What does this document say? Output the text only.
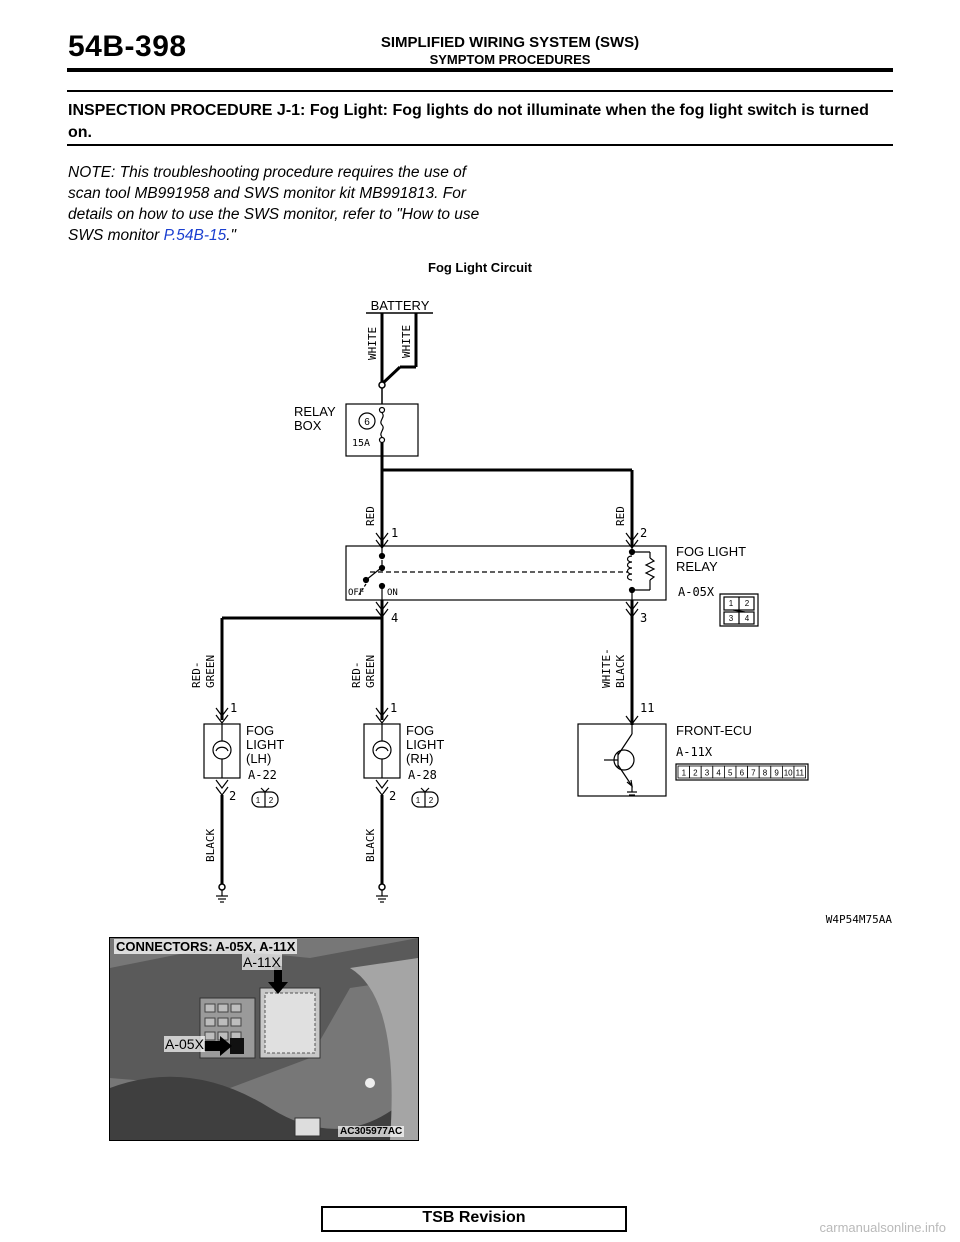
54B-398	SIMPLIFIED WIRING SYSTEM (SWS)
SYMPTOM PROCEDURES
INSPECTION PROCEDURE J-1: Fog Light: Fog lights do not illuminate when the fog light switch is turned on.
NOTE: This troubleshooting procedure requires the use of scan tool MB991958 and SWS monitor kit MB991813. For details on how to use the SWS monitor, refer to "How to use SWS monitor P.54B-15."
Fog Light Circuit
1 2 3 4 5 6 7 8 9 10 11
BATTERY
WHITE WHITE
RELAY
BOX	6
15A
RED	RED
1	2
OFF	ON
4	3
FOG LIGHT
RELAY
A-05X
1 2
3 4
RED- GREEN	RED- GREEN	WHITE- BLACK
1	1	11
FOG
LIGHT
(LH)
A-22
FOG
LIGHT
(RH)
A-28
1 2	1 2
2	2
BLACK	BLACK
FRONT-ECU
A-11X
W4P54M75AA
CONNECTORS: A-05X, A-11X
A-11X
A-05X
AC305977AC
TSB Revision
carmanualsonline.info
